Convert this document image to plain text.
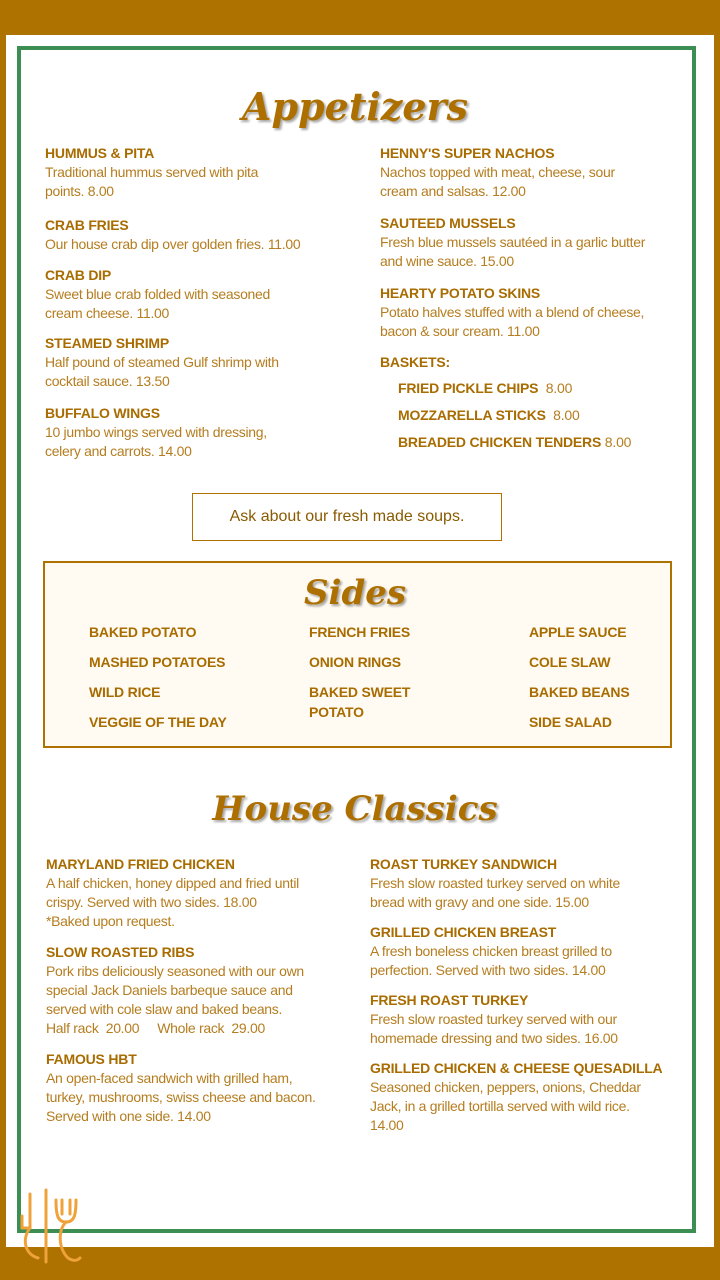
Appetizers
HUMMUS & PITA
Traditional hummus served with pita
points. 8.00
CRAB FRIES
Our house crab dip over golden fries. 11.00
CRAB DIP
Sweet blue crab folded with seasoned
cream cheese. 11.00
STEAMED SHRIMP
Half pound of steamed Gulf shrimp with
cocktail sauce. 13.50
BUFFALO WINGS
10 jumbo wings served with dressing,
celery and carrots. 14.00
HENNY'S SUPER NACHOS
Nachos topped with meat, cheese, sour
cream and salsas. 12.00
SAUTEED MUSSELS
Fresh blue mussels sautéed in a garlic butter
and wine sauce. 15.00
HEARTY POTATO SKINS
Potato halves stuffed with a blend of cheese,
bacon & sour cream. 11.00
BASKETS:
FRIED PICKLE CHIPS 8.00
MOZZARELLA STICKS 8.00
BREADED CHICKEN TENDERS 8.00
Ask about our fresh made soups.
Sides
BAKED POTATO
MASHED POTATOES
WILD RICE
VEGGIE OF THE DAY
FRENCH FRIES
ONION RINGS
BAKED SWEET
POTATO
APPLE SAUCE
COLE SLAW
BAKED BEANS
SIDE SALAD
House Classics
MARYLAND FRIED CHICKEN
A half chicken, honey dipped and fried until
crispy. Served with two sides. 18.00
*Baked upon request.
SLOW ROASTED RIBS
Pork ribs deliciously seasoned with our own
special Jack Daniels barbeque sauce and
served with cole slaw and baked beans.
Half rack  20.00     Whole rack  29.00
FAMOUS HBT
An open-faced sandwich with grilled ham,
turkey, mushrooms, swiss cheese and bacon.
Served with one side. 14.00
ROAST TURKEY SANDWICH
Fresh slow roasted turkey served on white
bread with gravy and one side. 15.00
GRILLED CHICKEN BREAST
A fresh boneless chicken breast grilled to
perfection. Served with two sides. 14.00
FRESH ROAST TURKEY
Fresh slow roasted turkey served with our
homemade dressing and two sides. 16.00
GRILLED CHICKEN & CHEESE QUESADILLA
Seasoned chicken, peppers, onions, Cheddar
Jack, in a grilled tortilla served with wild rice.
14.00
